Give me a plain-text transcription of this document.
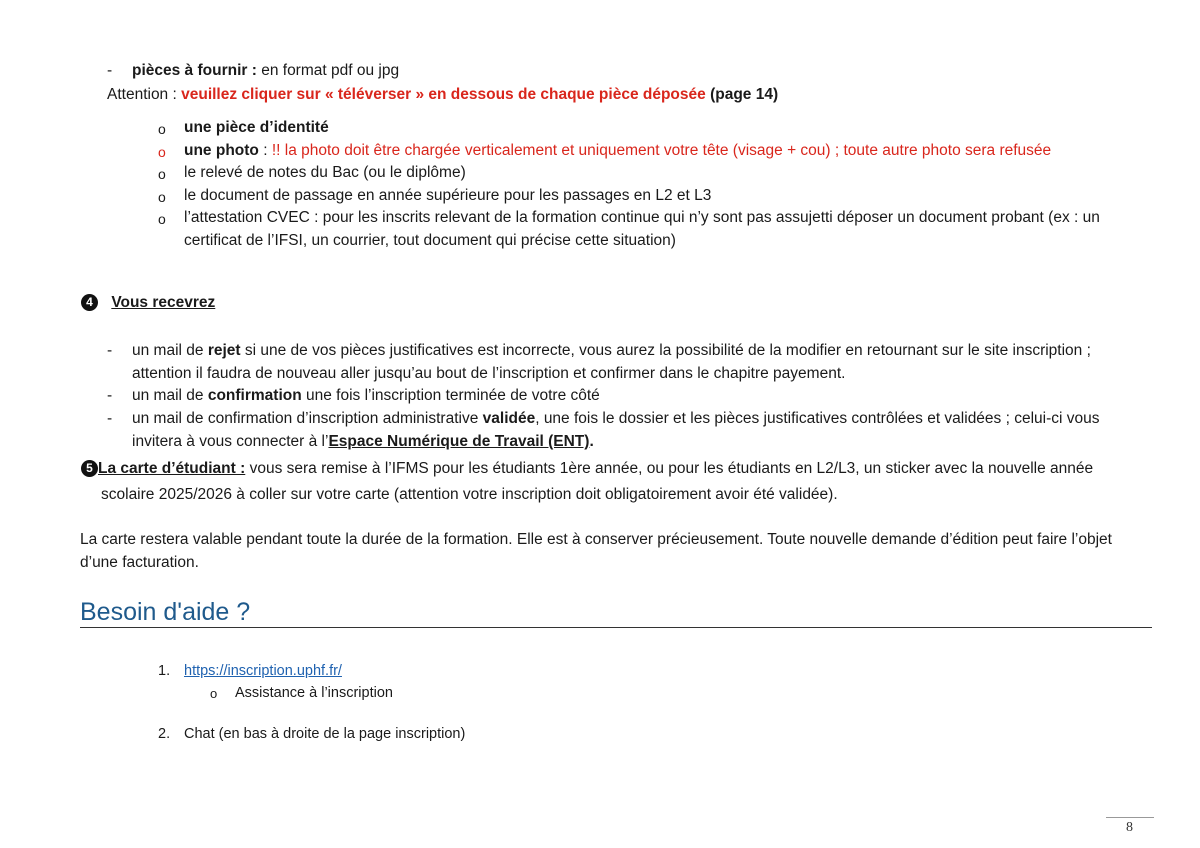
- pièces à fournir : en format pdf ou jpg
Attention : veuillez cliquer sur « téléverser » en dessous de chaque pièce déposée (page 14)
o une pièce d’identité
o une photo : !! la photo doit être chargée verticalement et uniquement votre tête (visage + cou) ; toute autre photo sera refusée
o le relevé de notes du Bac (ou le diplôme)
o le document de passage en année supérieure pour les passages en L2 et L3
o l’attestation CVEC : pour les inscrits relevant de la formation continue qui n’y sont pas assujetti déposer un document probant (ex : un
certificat de l’IFSI, un courrier, tout document qui précise cette situation)
4 Vous recevrez
- un mail de rejet si une de vos pièces justificatives est incorrecte, vous aurez la possibilité de la modifier en retournant sur le site inscription ;
attention il faudra de nouveau aller jusqu’au bout de l’inscription et confirmer dans le chapitre payement.
- un mail de confirmation une fois l’inscription terminée de votre côté
- un mail de confirmation d’inscription administrative validée, une fois le dossier et les pièces justificatives contrôlées et validées ; celui-ci vous
invitera à vous connecter à l’Espace Numérique de Travail (ENT).
5 La carte d’étudiant : vous sera remise à l’IFMS pour les étudiants 1ère année, ou pour les étudiants en L2/L3, un sticker avec la nouvelle année
scolaire 2025/2026 à coller sur votre carte (attention votre inscription doit obligatoirement avoir été validée).
La carte restera valable pendant toute la durée de la formation. Elle est à conserver précieusement. Toute nouvelle demande d’édition peut faire l’objet
d’une facturation.
Besoin d'aide ?
1. https://inscription.uphf.fr/
o Assistance à l’inscription
2. Chat (en bas à droite de la page inscription)
8
